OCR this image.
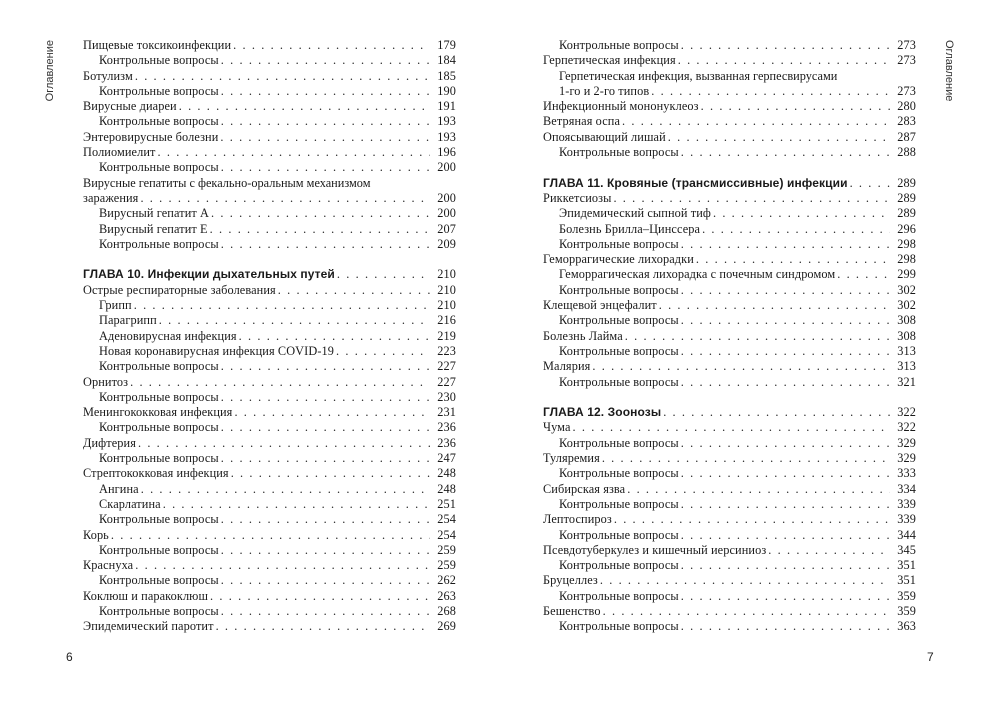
Оглавление Пищевые токсикоинфекции . . .	179
Контрольные вопросы . . .	184
Ботулизм . . .	185
Контрольные вопросы . . .	190
Вирусные диареи . . .	191
Контрольные вопросы . . .	193
Энтеровирусные болезни . . .	193
Полиомиелит . . .	196
Контрольные вопросы . . .	200
Вирусные гепатиты с фекально-оральным механизмом
заражения . . .	200
Вирусный гепатит А . . .	200
Вирусный гепатит Е . . .	207
Контрольные вопросы . . .	209
ГЛАВА 10. Инфекции дыхательных путей . . .	210
Острые респираторные заболевания . . .	210
Грипп . . .	210
Парагрипп . . .	216
Аденовирусная инфекция . . .	219
Новая коронавирусная инфекция COVID-19 . . .	223
Контрольные вопросы . . .	227
Орнитоз . . .	227
Контрольные вопросы . . .	230
Менингококковая инфекция . . .	231
Контрольные вопросы . . .	236
Дифтерия . . .	236
Контрольные вопросы . . .	247
Стрептококковая инфекция . . .	248
Ангина . . .	248
Скарлатина . . .	251
Контрольные вопросы . . .	254
Корь . . .	254
Контрольные вопросы . . .	259
Краснуха . . .	259
Контрольные вопросы . . .	262
Коклюш и паракоклюш . . .	263
Контрольные вопросы . . .	268
Эпидемический паротит . . .	269
6
Контрольные вопросы . . .	273
Герпетическая инфекция . . .	273
Герпетическая инфекция, вызванная герпесвирусами
1-го и 2-го типов . . .	273
Инфекционный мононуклеоз . . .	280
Ветряная оспа . . .	283
Опоясывающий лишай . . .	287
Контрольные вопросы . . .	288
ГЛАВА 11. Кровяные (трансмиссивные) инфекции . . .	289
Риккетсиозы . . .	289
Эпидемический сыпной тиф . . .	289
Болезнь Брилла–Цинссера . . .	296
Контрольные вопросы . . .	298
Геморрагические лихорадки . . .	298
Геморрагическая лихорадка с почечным синдромом . . .	299
Контрольные вопросы . . .	302
Клещевой энцефалит . . .	302
Контрольные вопросы . . .	308
Болезнь Лайма . . .	308
Контрольные вопросы . . .	313
Малярия . . .	313
Контрольные вопросы . . .	321
ГЛАВА 12. Зоонозы . . .	322
Чума . . .	322
Контрольные вопросы . . .	329
Туляремия . . .	329
Контрольные вопросы . . .	333
Сибирская язва . . .	334
Контрольные вопросы . . .	339
Лептоспироз . . .	339
Контрольные вопросы . . .	344
Псевдотуберкулез и кишечный иерсиниоз . . .	345
Контрольные вопросы . . .	351
Бруцеллез . . .	351
Контрольные вопросы . . .	359
Бешенство . . .	359
Контрольные вопросы . . .	363
Оглавление
7
